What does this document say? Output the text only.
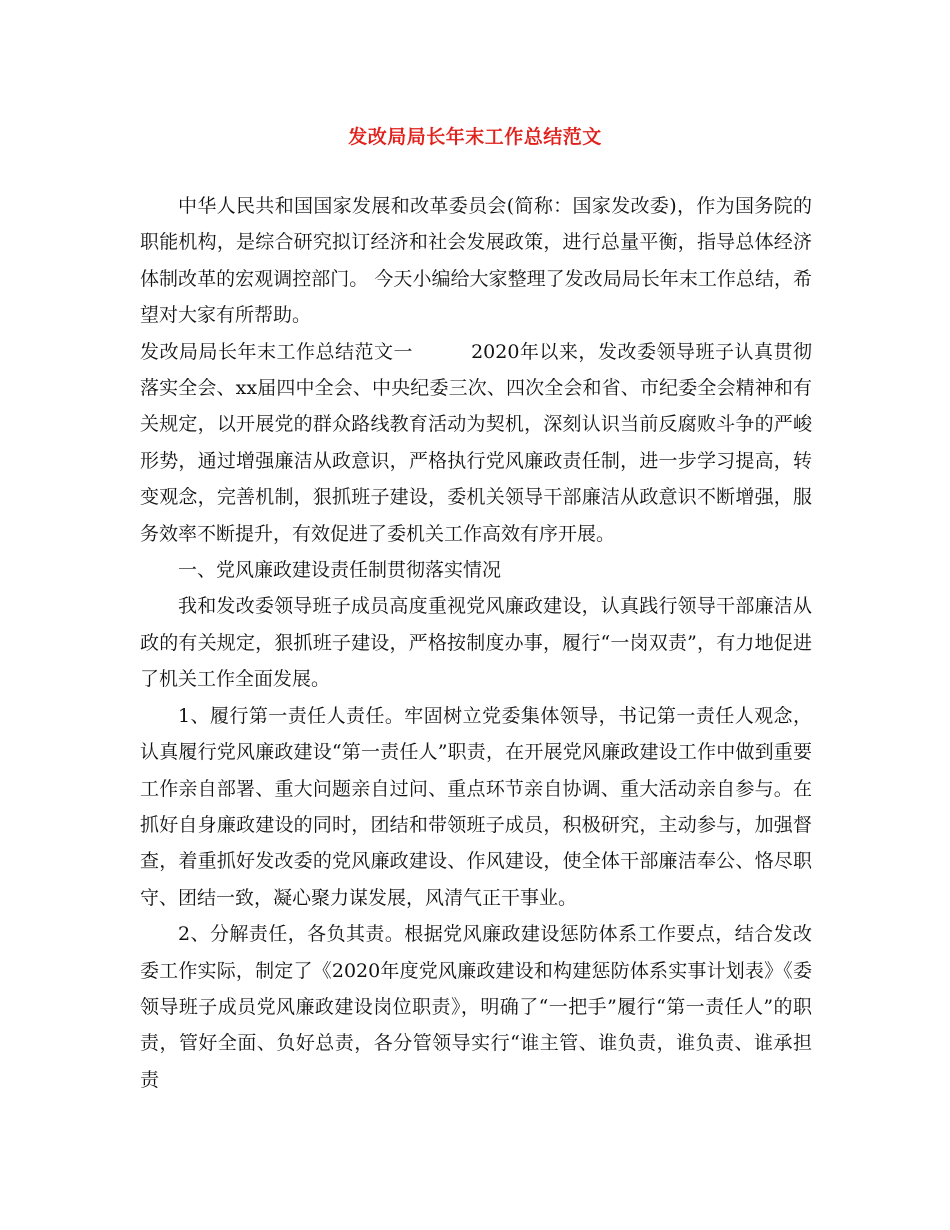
发改局局长年末工作总结范文

中华人民共和国国家发展和改革委员会(简称：国家发改委)，作为国务院的职能机构，是综合研究拟订经济和社会发展政策，进行总量平衡，指导总体经济体制改革的宏观调控部门。 今天小编给大家整理了发改局局长年末工作总结，希望对大家有所帮助。

发改局局长年末工作总结范文一	2020年以来，发改委领导班子认真贯彻落实全会、xx届四中全会、中央纪委三次、四次全会和省、市纪委全会精神和有关规定，以开展党的群众路线教育活动为契机，深刻认识当前反腐败斗争的严峻形势，通过增强廉洁从政意识，严格执行党风廉政责任制，进一步学习提高，转变观念，完善机制，狠抓班子建设，委机关领导干部廉洁从政意识不断增强，服务效率不断提升，有效促进了委机关工作高效有序开展。

一、党风廉政建设责任制贯彻落实情况

我和发改委领导班子成员高度重视党风廉政建设，认真践行领导干部廉洁从政的有关规定，狠抓班子建设，严格按制度办事，履行“一岗双责”，有力地促进了机关工作全面发展。

1、履行第一责任人责任。牢固树立党委集体领导，书记第一责任人观念，认真履行党风廉政建设“第一责任人”职责，在开展党风廉政建设工作中做到重要工作亲自部署、重大问题亲自过问、重点环节亲自协调、重大活动亲自参与。在抓好自身廉政建设的同时，团结和带领班子成员，积极研究，主动参与，加强督查，着重抓好发改委的党风廉政建设、作风建设，使全体干部廉洁奉公、恪尽职守、团结一致，凝心聚力谋发展，风清气正干事业。

2、分解责任，各负其责。根据党风廉政建设惩防体系工作要点，结合发改委工作实际，制定了《2020年度党风廉政建设和构建惩防体系实事计划表》《委领导班子成员党风廉政建设岗位职责》，明确了“一把手”履行“第一责任人”的职责，管好全面、负好总责，各分管领导实行“谁主管、谁负责，谁负责、谁承担责
